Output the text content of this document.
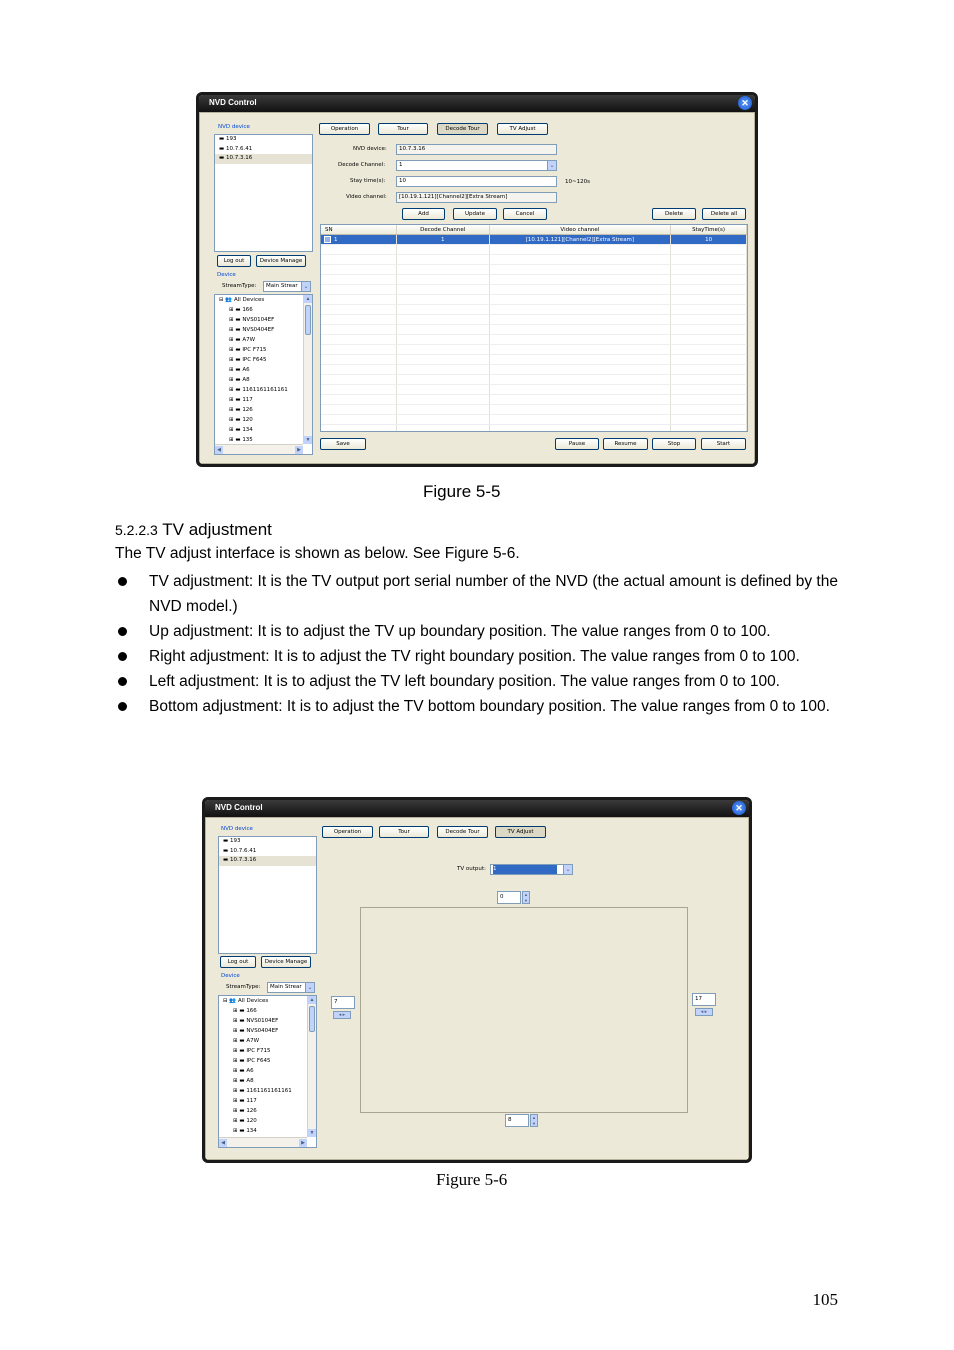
NVD Control	✕
NVD device
▬ 193
▬ 10.7.6.41
▬ 10.7.3.16
Log out	Device Manage
Device
StreamType:	Main Strear ⌄
⊟ 👥 All Devices
⊞ ▬ 166
⊞ ▬ NVS0104EF
⊞ ▬ NVS0404EF
⊞ ▬ A7W
⊞ ▬ IPC F715
⊞ ▬ IPC F645
⊞ ▬ A6
⊞ ▬ A8
⊞ ▬ 1161161161161
⊞ ▬ 117
⊞ ▬ 126
⊞ ▬ 120
⊞ ▬ 134
⊞ ▬ 135
▲
▼
◀	▶
Operation	Tour	Decode Tour	TV Adjust
NVD device:	10.7.3.16
Decode Channel:	1	⌄
Stay time(s):	10	10~120s
Video channel:	[10.19.1.121][Channel2][Extra Stream]
Add	Update	Cancel	Delete	Delete all
SN	Decode Channel	Video channel	StayTime(s)
1	1	[10.19.1.121][Channel2][Extra Stream]	10
Save	Pause	Resume	Stop	Start
Figure 5-5
5.2.2.3 TV adjustment
The TV adjust interface is shown as below. See Figure 5-6.
TV adjustment: It is the TV output port serial number of the NVD (the actual amount is defined by the NVD model.)
Up adjustment: It is to adjust the TV up boundary position. The value ranges from 0 to 100.
Right adjustment: It is to adjust the TV right boundary position. The value ranges from 0 to 100.
Left adjustment: It is to adjust the TV left boundary position. The value ranges from 0 to 100.
Bottom adjustment: It is to adjust the TV bottom boundary position. The value ranges from 0 to 100.
NVD Control	✕
NVD device
▬ 193
▬ 10.7.6.41
▬ 10.7.3.16
Log out	Device Manage
Device
StreamType:	Main Strear ⌄
⊟ 👥 All Devices
⊞ ▬ 166
⊞ ▬ NVS0104EF
⊞ ▬ NVS0404EF
⊞ ▬ A7W
⊞ ▬ IPC F715
⊞ ▬ IPC F645
⊞ ▬ A6
⊞ ▬ A8
⊞ ▬ 1161161161161
⊞ ▬ 117
⊞ ▬ 126
⊞ ▬ 120
⊞ ▬ 134
▲
▼
◀	▶
Operation	Tour	Decode Tour	TV Adjust
TV output:	1	⌄
0	▲
▼
7
◂ ▸
17
◂ ▸
8	▲
▼
Figure 5-6
105
